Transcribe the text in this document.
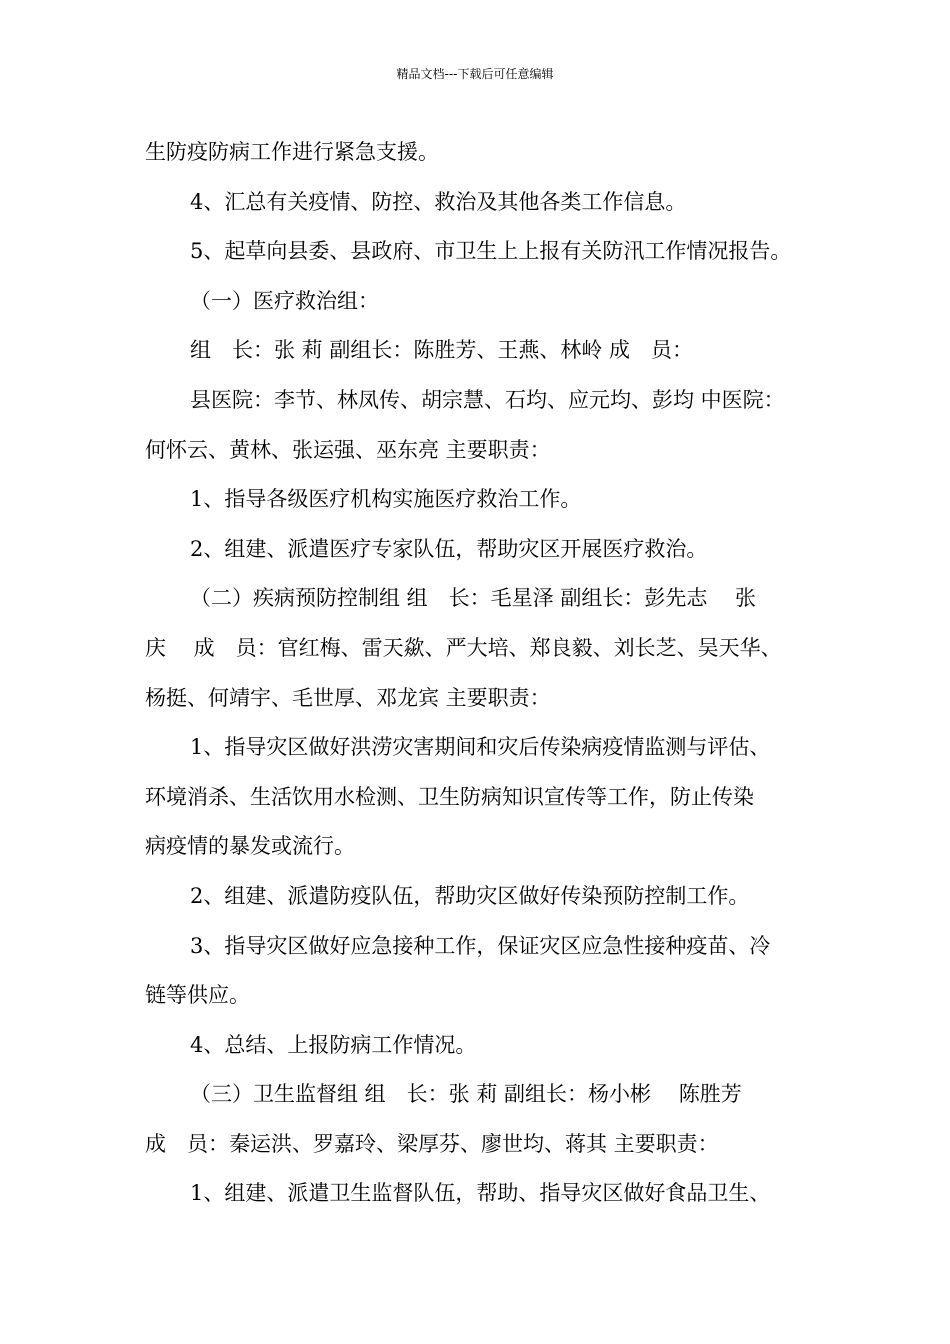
精品文档---下载后可任意编辑
生防疫防病工作进行紧急支援。
4、汇总有关疫情、防控、救治及其他各类工作信息。
5、起草向县委、县政府、市卫生上上报有关防汛工作情况报告。
（一）医疗救治组：
组　长：张 莉 副组长：陈胜芳、王燕、林岭 成　员：
县医院：李节、林凤传、胡宗慧、石均、应元均、彭均 中医院：
何怀云、黄林、张运强、巫东亮 主要职责：
1、指导各级医疗机构实施医疗救治工作。
2、组建、派遣医疗专家队伍，帮助灾区开展医疗救治。
（二）疾病预防控制组 组　长：毛星泽 副组长：彭先志　 张
庆　 成　员：官红梅、雷天歘、严大培、郑良毅、刘长芝、吴天华、
杨挺、何靖宇、毛世厚、邓龙宾 主要职责：
1、指导灾区做好洪涝灾害期间和灾后传染病疫情监测与评估、
环境消杀、生活饮用水检测、卫生防病知识宣传等工作，防止传染
病疫情的暴发或流行。
2、组建、派遣防疫队伍，帮助灾区做好传染预防控制工作。
3、指导灾区做好应急接种工作，保证灾区应急性接种疫苗、冷
链等供应。
4、总结、上报防病工作情况。
（三）卫生监督组 组　长：张 莉 副组长：杨小彬　 陈胜芳
成　员：秦运洪、罗嘉玲、梁厚芬、廖世均、蒋其 主要职责：
1、组建、派遣卫生监督队伍，帮助、指导灾区做好食品卫生、
